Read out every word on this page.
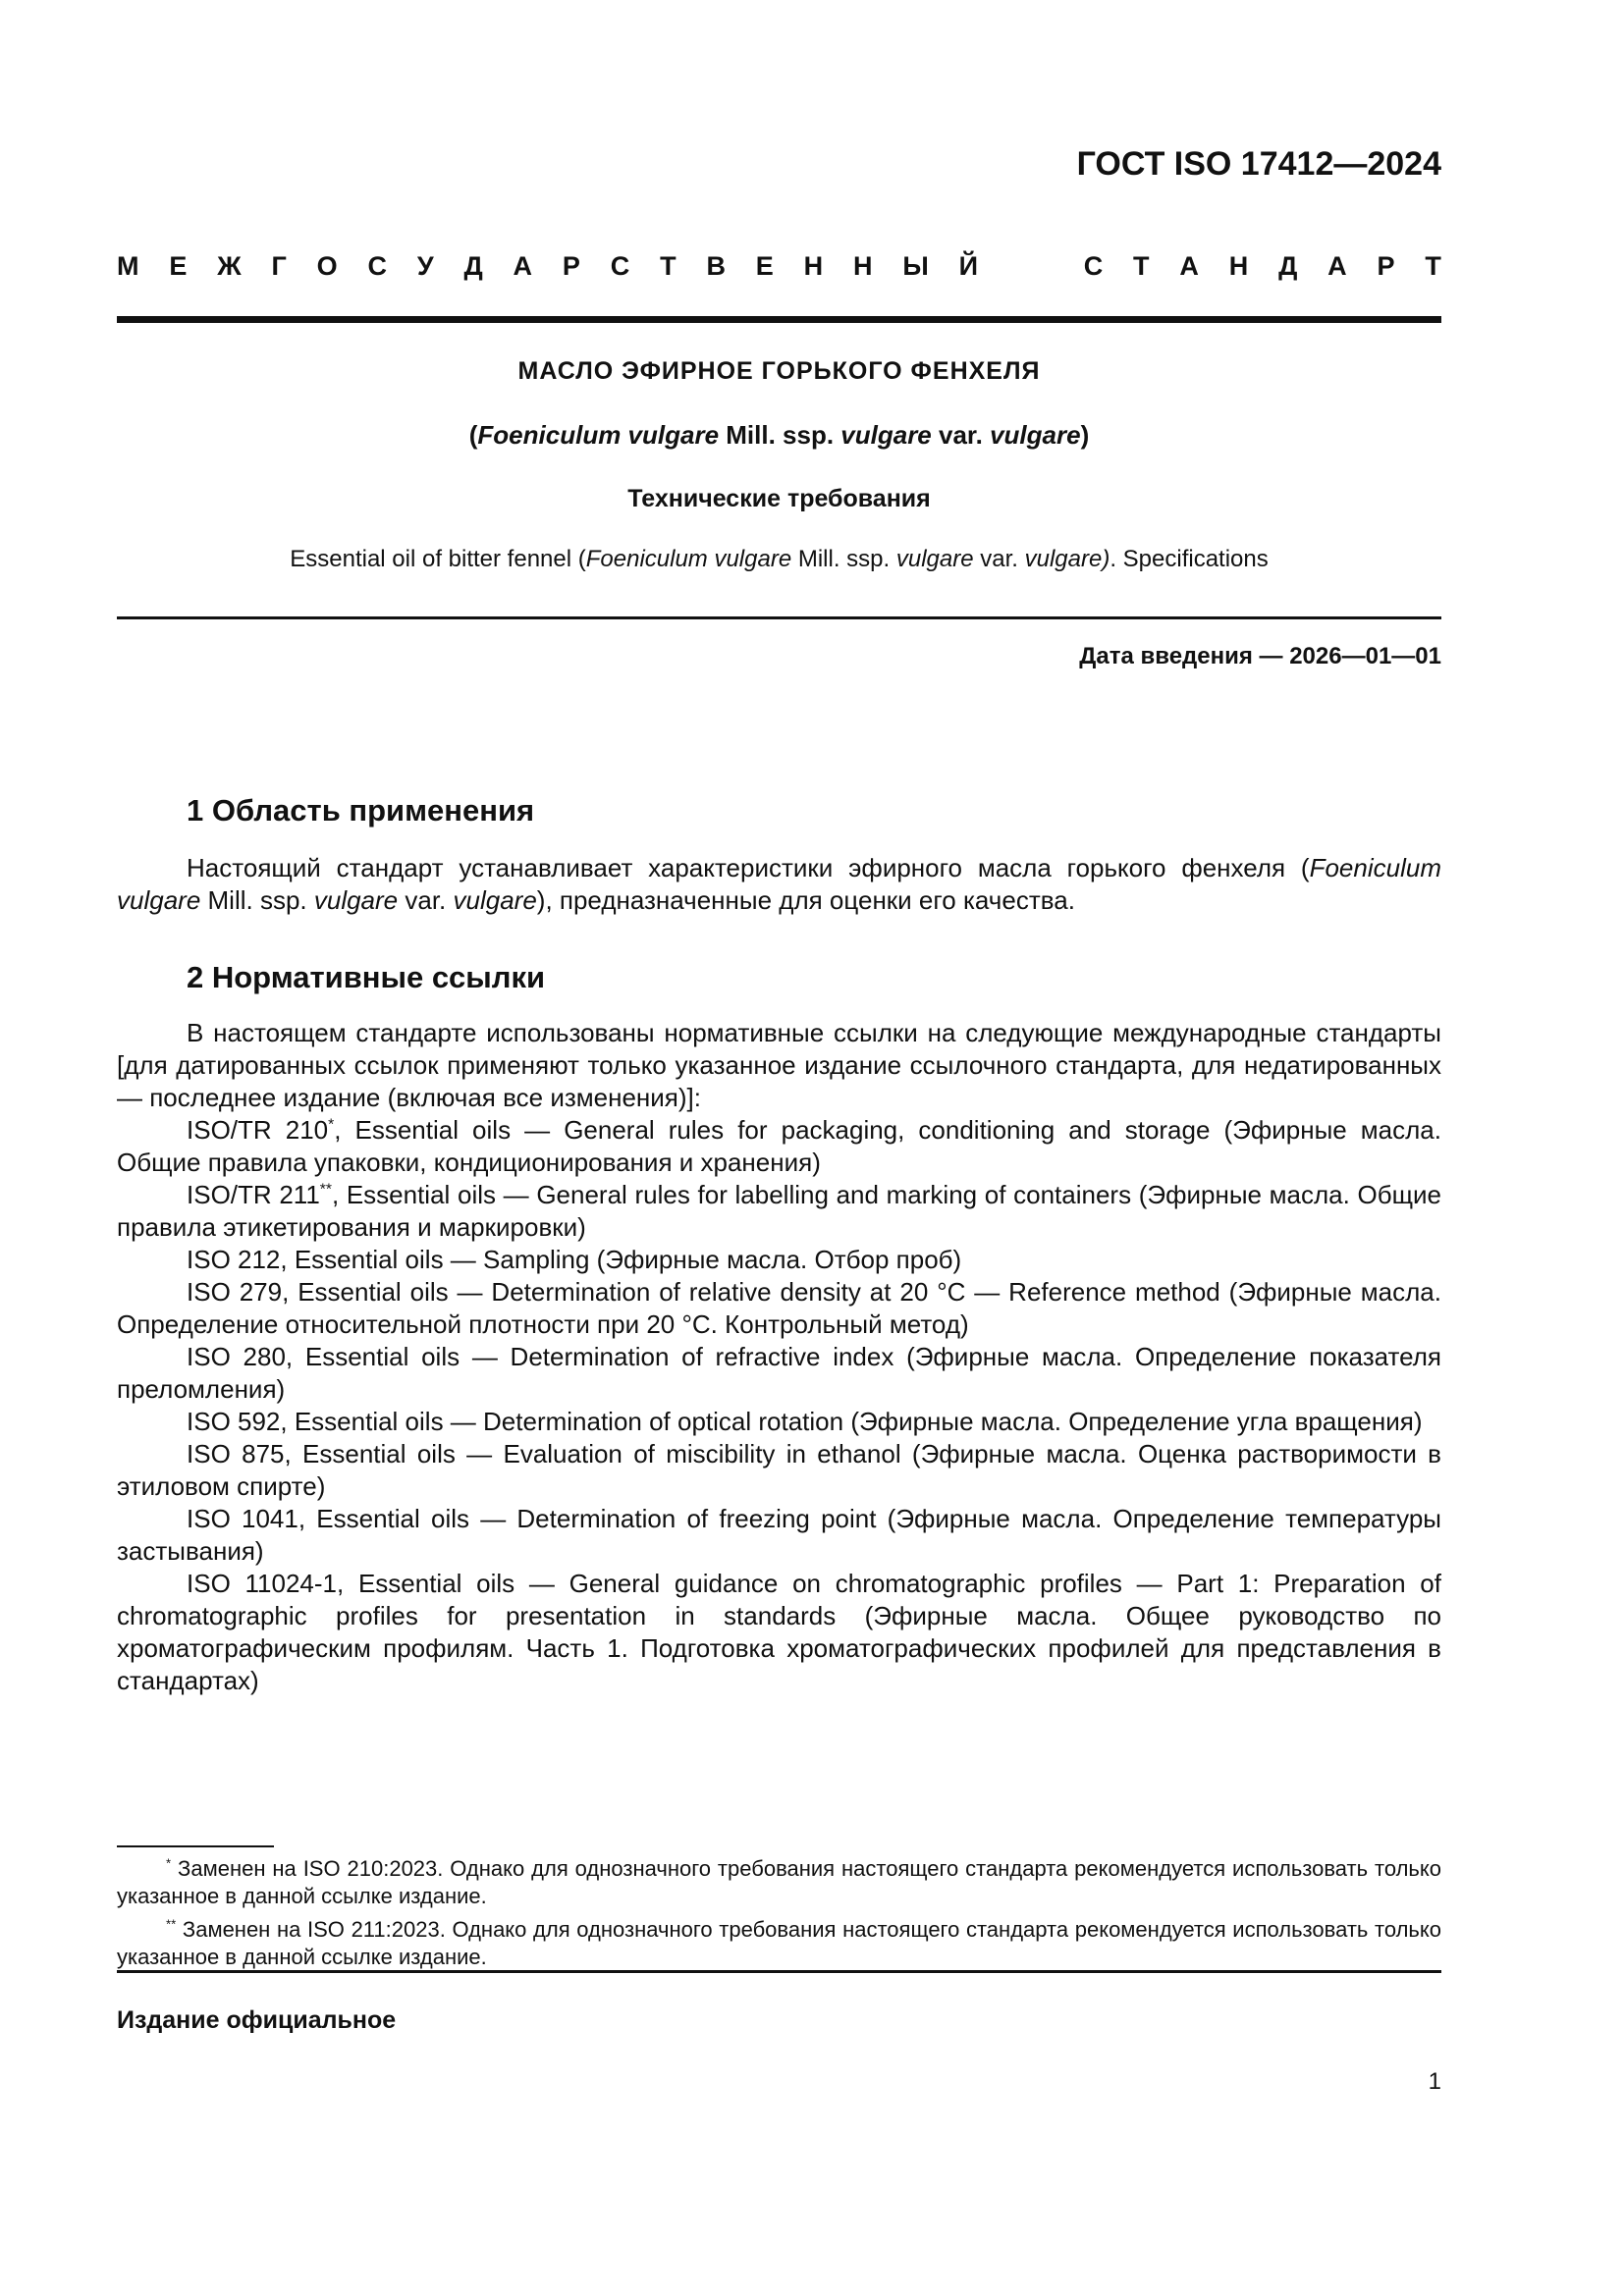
ГОСТ ISO 17412—2024
М Е Ж Г О С У Д А Р С Т В Е Н Н Ы Й	С Т А Н Д А Р Т
МАСЛО ЭФИРНОЕ ГОРЬКОГО ФЕНХЕЛЯ
(Foeniculum vulgare Mill. ssp. vulgare var. vulgare)
Технические требования
Essential oil of bitter fennel (Foeniculum vulgare Mill. ssp. vulgare var. vulgare). Specifications
Дата введения — 2026—01—01
1 Область применения

Настоящий стандарт устанавливает характеристики эфирного масла горького фенхеля (Foeniculum vulgare Mill. ssp. vulgare var. vulgare), предназначенные для оценки его качества.

2 Нормативные ссылки

В настоящем стандарте использованы нормативные ссылки на следующие международные стандарты [для датированных ссылок применяют только указанное издание ссылочного стандарта, для недатированных — последнее издание (включая все изменения)]:

ISO/TR 210*, Essential oils — General rules for packaging, conditioning and storage (Эфирные масла. Общие правила упаковки, кондиционирования и хранения)

ISO/TR 211**, Essential oils — General rules for labelling and marking of containers (Эфирные масла. Общие правила этикетирования и маркировки)

ISO 212, Essential oils — Sampling (Эфирные масла. Отбор проб)

ISO 279, Essential oils — Determination of relative density at 20 °C — Reference method (Эфирные масла. Определение относительной плотности при 20 °C. Контрольный метод)

ISO 280, Essential oils — Determination of refractive index (Эфирные масла. Определение показателя преломления)

ISO 592, Essential oils — Determination of optical rotation (Эфирные масла. Определение угла вращения)

ISO 875, Essential oils — Evaluation of miscibility in ethanol (Эфирные масла. Оценка растворимости в этиловом спирте)

ISO 1041, Essential oils — Determination of freezing point (Эфирные масла. Определение температуры застывания)

ISO 11024-1, Essential oils — General guidance on chromatographic profiles — Part 1: Preparation of chromatographic profiles for presentation in standards (Эфирные масла. Общее руководство по хроматографическим профилям. Часть 1. Подготовка хроматографических профилей для представления в стандартах)

* Заменен на ISO 210:2023. Однако для однозначного требования настоящего стандарта рекомендуется использовать только указанное в данной ссылке издание.

** Заменен на ISO 211:2023. Однако для однозначного требования настоящего стандарта рекомендуется использовать только указанное в данной ссылке издание.

Издание официальное
1
